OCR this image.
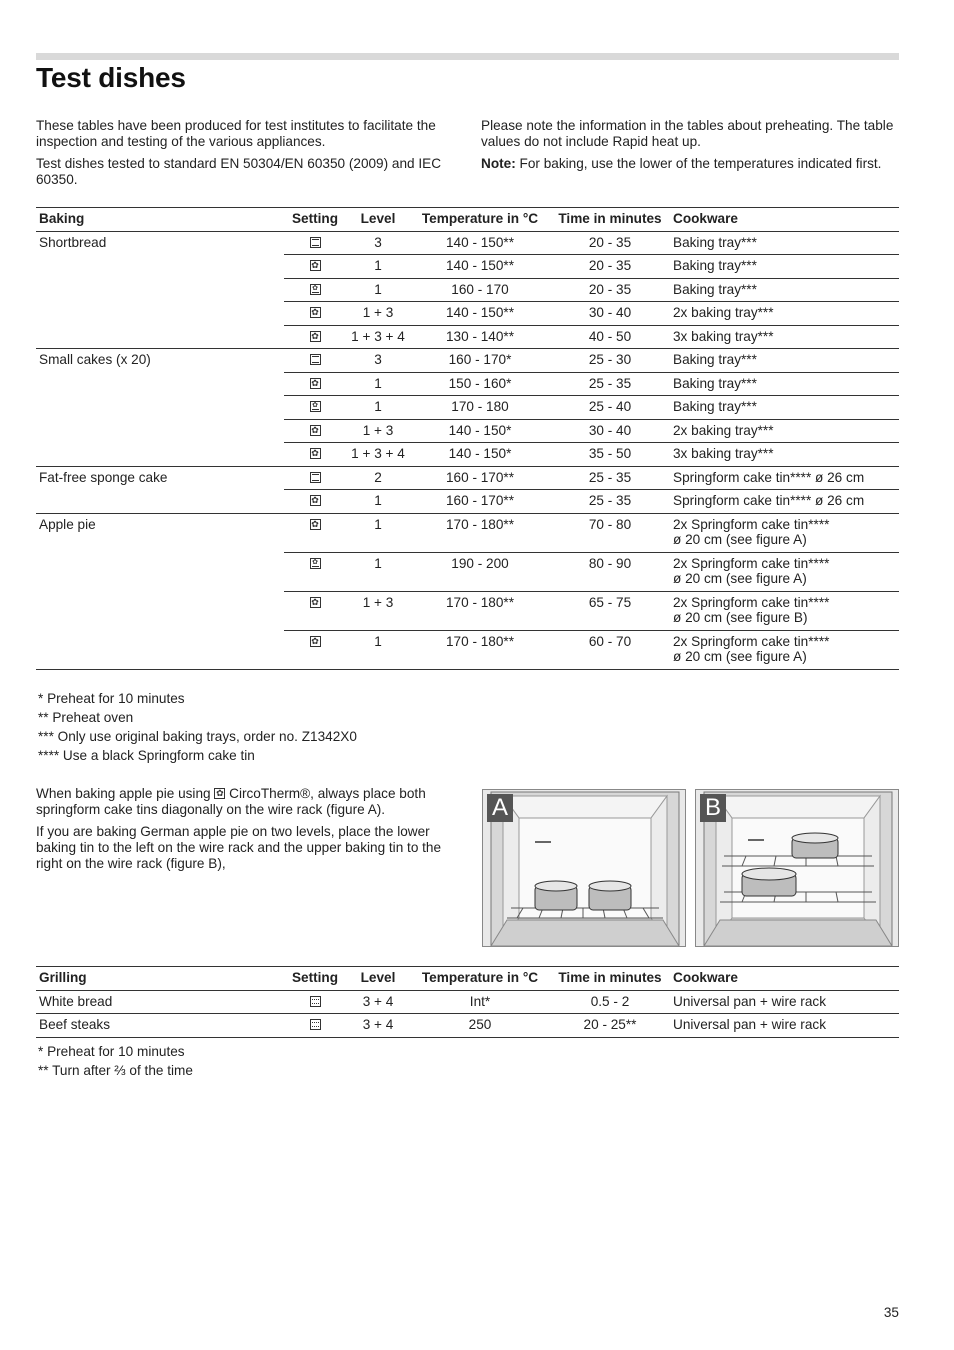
Test dishes

These tables have been produced for test institutes to facilitate the inspection and testing of the various appliances.

Test dishes tested to standard EN 50304/EN 60350 (2009) and IEC 60350.

Please note the information in the tables about preheating. The table values do not include Rapid heat up.

Note: For baking, use the lower of the temperatures indicated first.

Baking	Setting	Level	Temperature in °C	Time in minutes	Cookware
Shortbread		3	140 - 150**	20 - 35	Baking tray***
	✿	1	140 - 150**	20 - 35	Baking tray***
	✿	1	160 - 170	20 - 35	Baking tray***
	✿	1 + 3	140 - 150**	30 - 40	2x baking tray***
	✿	1 + 3 + 4	130 - 140**	40 - 50	3x baking tray***
Small cakes (x 20)		3	160 - 170*	25 - 30	Baking tray***
	✿	1	150 - 160*	25 - 35	Baking tray***
	✿	1	170 - 180	25 - 40	Baking tray***
	✿	1 + 3	140 - 150*	30 - 40	2x baking tray***
	✿	1 + 3 + 4	140 - 150*	35 - 50	3x baking tray***
Fat-free sponge cake		2	160 - 170**	25 - 35	Springform cake tin**** ø 26 cm
	✿	1	160 - 170**	25 - 35	Springform cake tin**** ø 26 cm
Apple pie	✿	1	170 - 180**	70 - 80	2x Springform cake tin****
ø 20 cm (see figure A)

	✿	1	190 - 200	80 - 90	2x Springform cake tin****
ø 20 cm (see figure A)

	✿	1 + 3	170 - 180**	65 - 75	2x Springform cake tin****
ø 20 cm (see figure B)

	✿	1	170 - 180**	60 - 70	2x Springform cake tin****
ø 20 cm (see figure A)
* Preheat for 10 minutes
** Preheat oven
*** Only use original baking trays, order no. Z1342X0
**** Use a black Springform cake tin

When baking apple pie using ✿ CircoTherm®, always place both springform cake tins diagonally on the wire rack (figure A).

If you are baking German apple pie on two levels, place the lower baking tin to the left on the wire rack and the upper baking tin to the right on the wire rack (figure B),

A	B
Grilling	Setting	Level	Temperature in °C	Time in minutes	Cookware
White bread		3 + 4	Int*	0.5 - 2	Universal pan + wire rack
Beef steaks		3 + 4	250	20 - 25**	Universal pan + wire rack
* Preheat for 10 minutes
** Turn after ⅔ of the time
35
